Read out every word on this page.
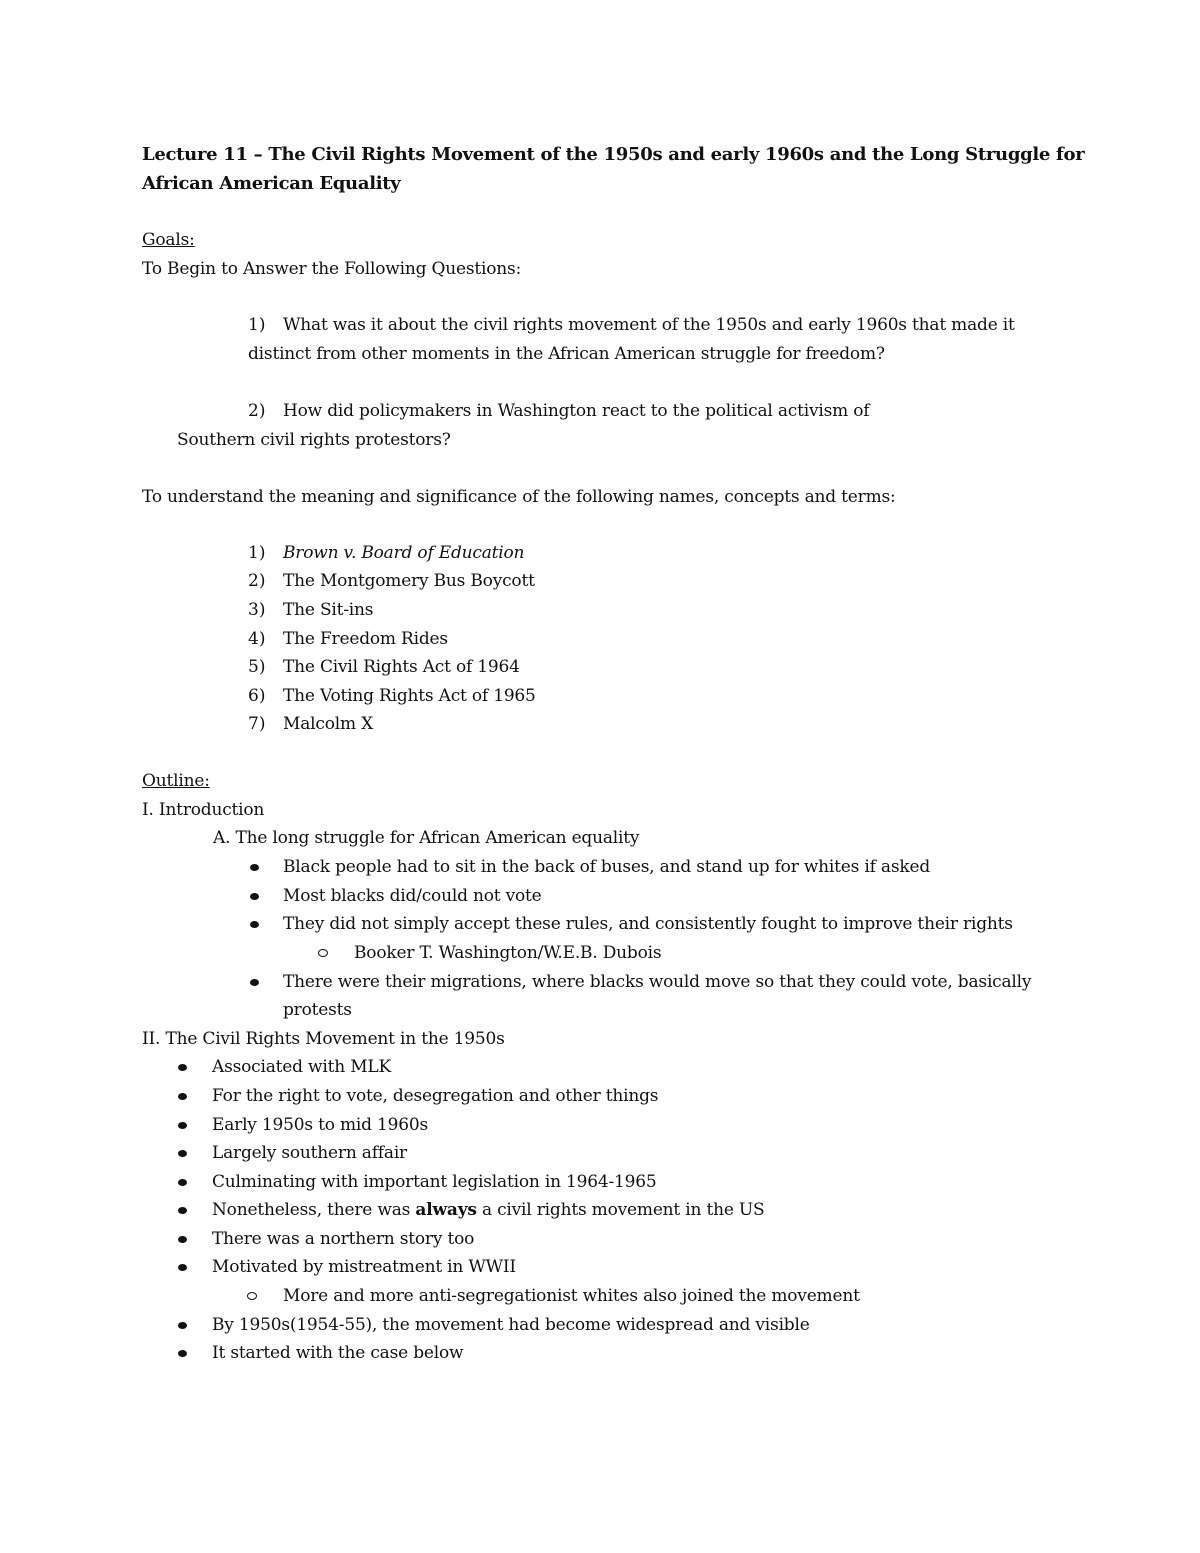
Lecture 11 – The Civil Rights Movement of the 1950s and early 1960s and the Long Struggle for
African American Equality
Goals:
To Begin to Answer the Following Questions:
1) What was it about the civil rights movement of the 1950s and early 1960s that made it
distinct from other moments in the African American struggle for freedom?
2) How did policymakers in Washington react to the political activism of
Southern civil rights protestors?
To understand the meaning and significance of the following names, concepts and terms:
1) Brown v. Board of Education
2) The Montgomery Bus Boycott
3) The Sit-ins
4) The Freedom Rides
5) The Civil Rights Act of 1964
6) The Voting Rights Act of 1965
7) Malcolm X
Outline:
I. Introduction
A. The long struggle for African American equality
Black people had to sit in the back of buses, and stand up for whites if asked
Most blacks did/could not vote
They did not simply accept these rules, and consistently fought to improve their rights
Booker T. Washington/W.E.B. Dubois
There were their migrations, where blacks would move so that they could vote, basically
protests
II. The Civil Rights Movement in the 1950s
Associated with MLK
For the right to vote, desegregation and other things
Early 1950s to mid 1960s
Largely southern affair
Culminating with important legislation in 1964-1965
Nonetheless, there was always a civil rights movement in the US
There was a northern story too
Motivated by mistreatment in WWII
More and more anti-segregationist whites also joined the movement
By 1950s(1954-55), the movement had become widespread and visible
It started with the case below
